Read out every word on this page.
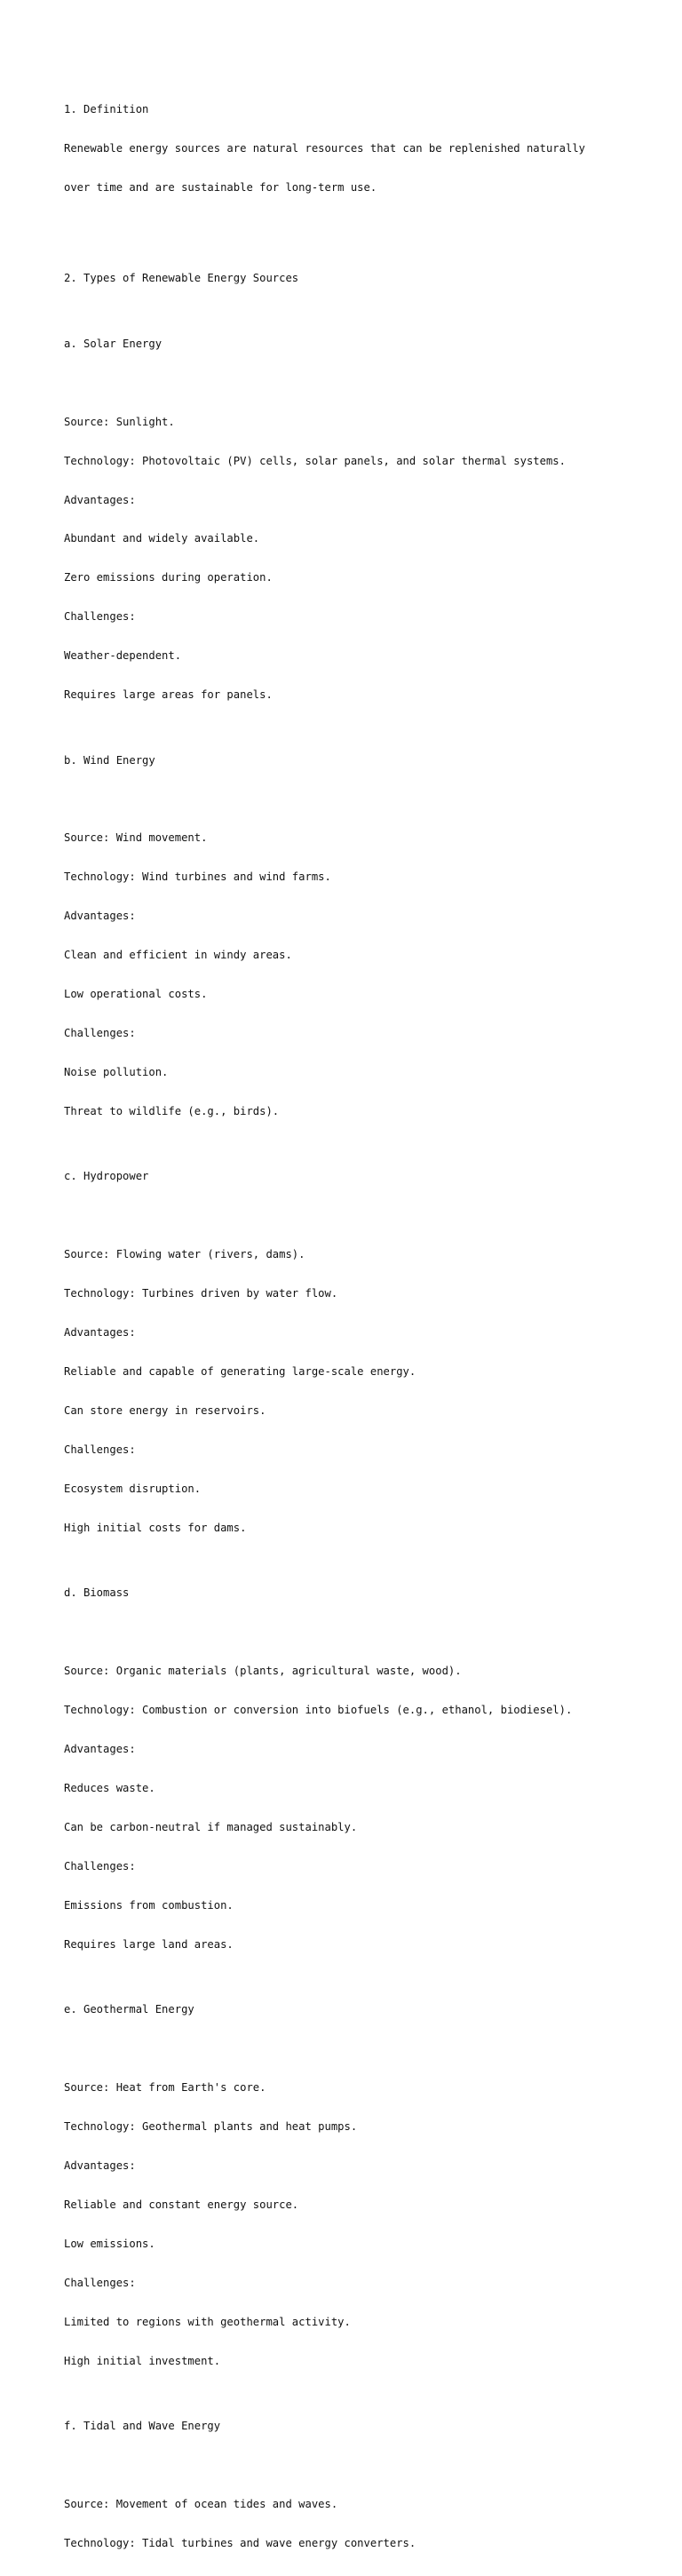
1. Definition

Renewable energy sources are natural resources that can be replenished naturally

over time and are sustainable for long-term use.

2. Types of Renewable Energy Sources

a. Solar Energy

Source: Sunlight.

Technology: Photovoltaic (PV) cells, solar panels, and solar thermal systems.

Advantages:

Abundant and widely available.

Zero emissions during operation.

Challenges:

Weather-dependent.

Requires large areas for panels.

b. Wind Energy

Source: Wind movement.

Technology: Wind turbines and wind farms.

Advantages:

Clean and efficient in windy areas.

Low operational costs.

Challenges:

Noise pollution.

Threat to wildlife (e.g., birds).

c. Hydropower

Source: Flowing water (rivers, dams).

Technology: Turbines driven by water flow.

Advantages:

Reliable and capable of generating large-scale energy.

Can store energy in reservoirs.

Challenges:

Ecosystem disruption.

High initial costs for dams.

d. Biomass

Source: Organic materials (plants, agricultural waste, wood).

Technology: Combustion or conversion into biofuels (e.g., ethanol, biodiesel).

Advantages:

Reduces waste.

Can be carbon-neutral if managed sustainably.

Challenges:

Emissions from combustion.

Requires large land areas.

e. Geothermal Energy

Source: Heat from Earth's core.

Technology: Geothermal plants and heat pumps.

Advantages:

Reliable and constant energy source.

Low emissions.

Challenges:

Limited to regions with geothermal activity.

High initial investment.

f. Tidal and Wave Energy

Source: Movement of ocean tides and waves.

Technology: Tidal turbines and wave energy converters.
